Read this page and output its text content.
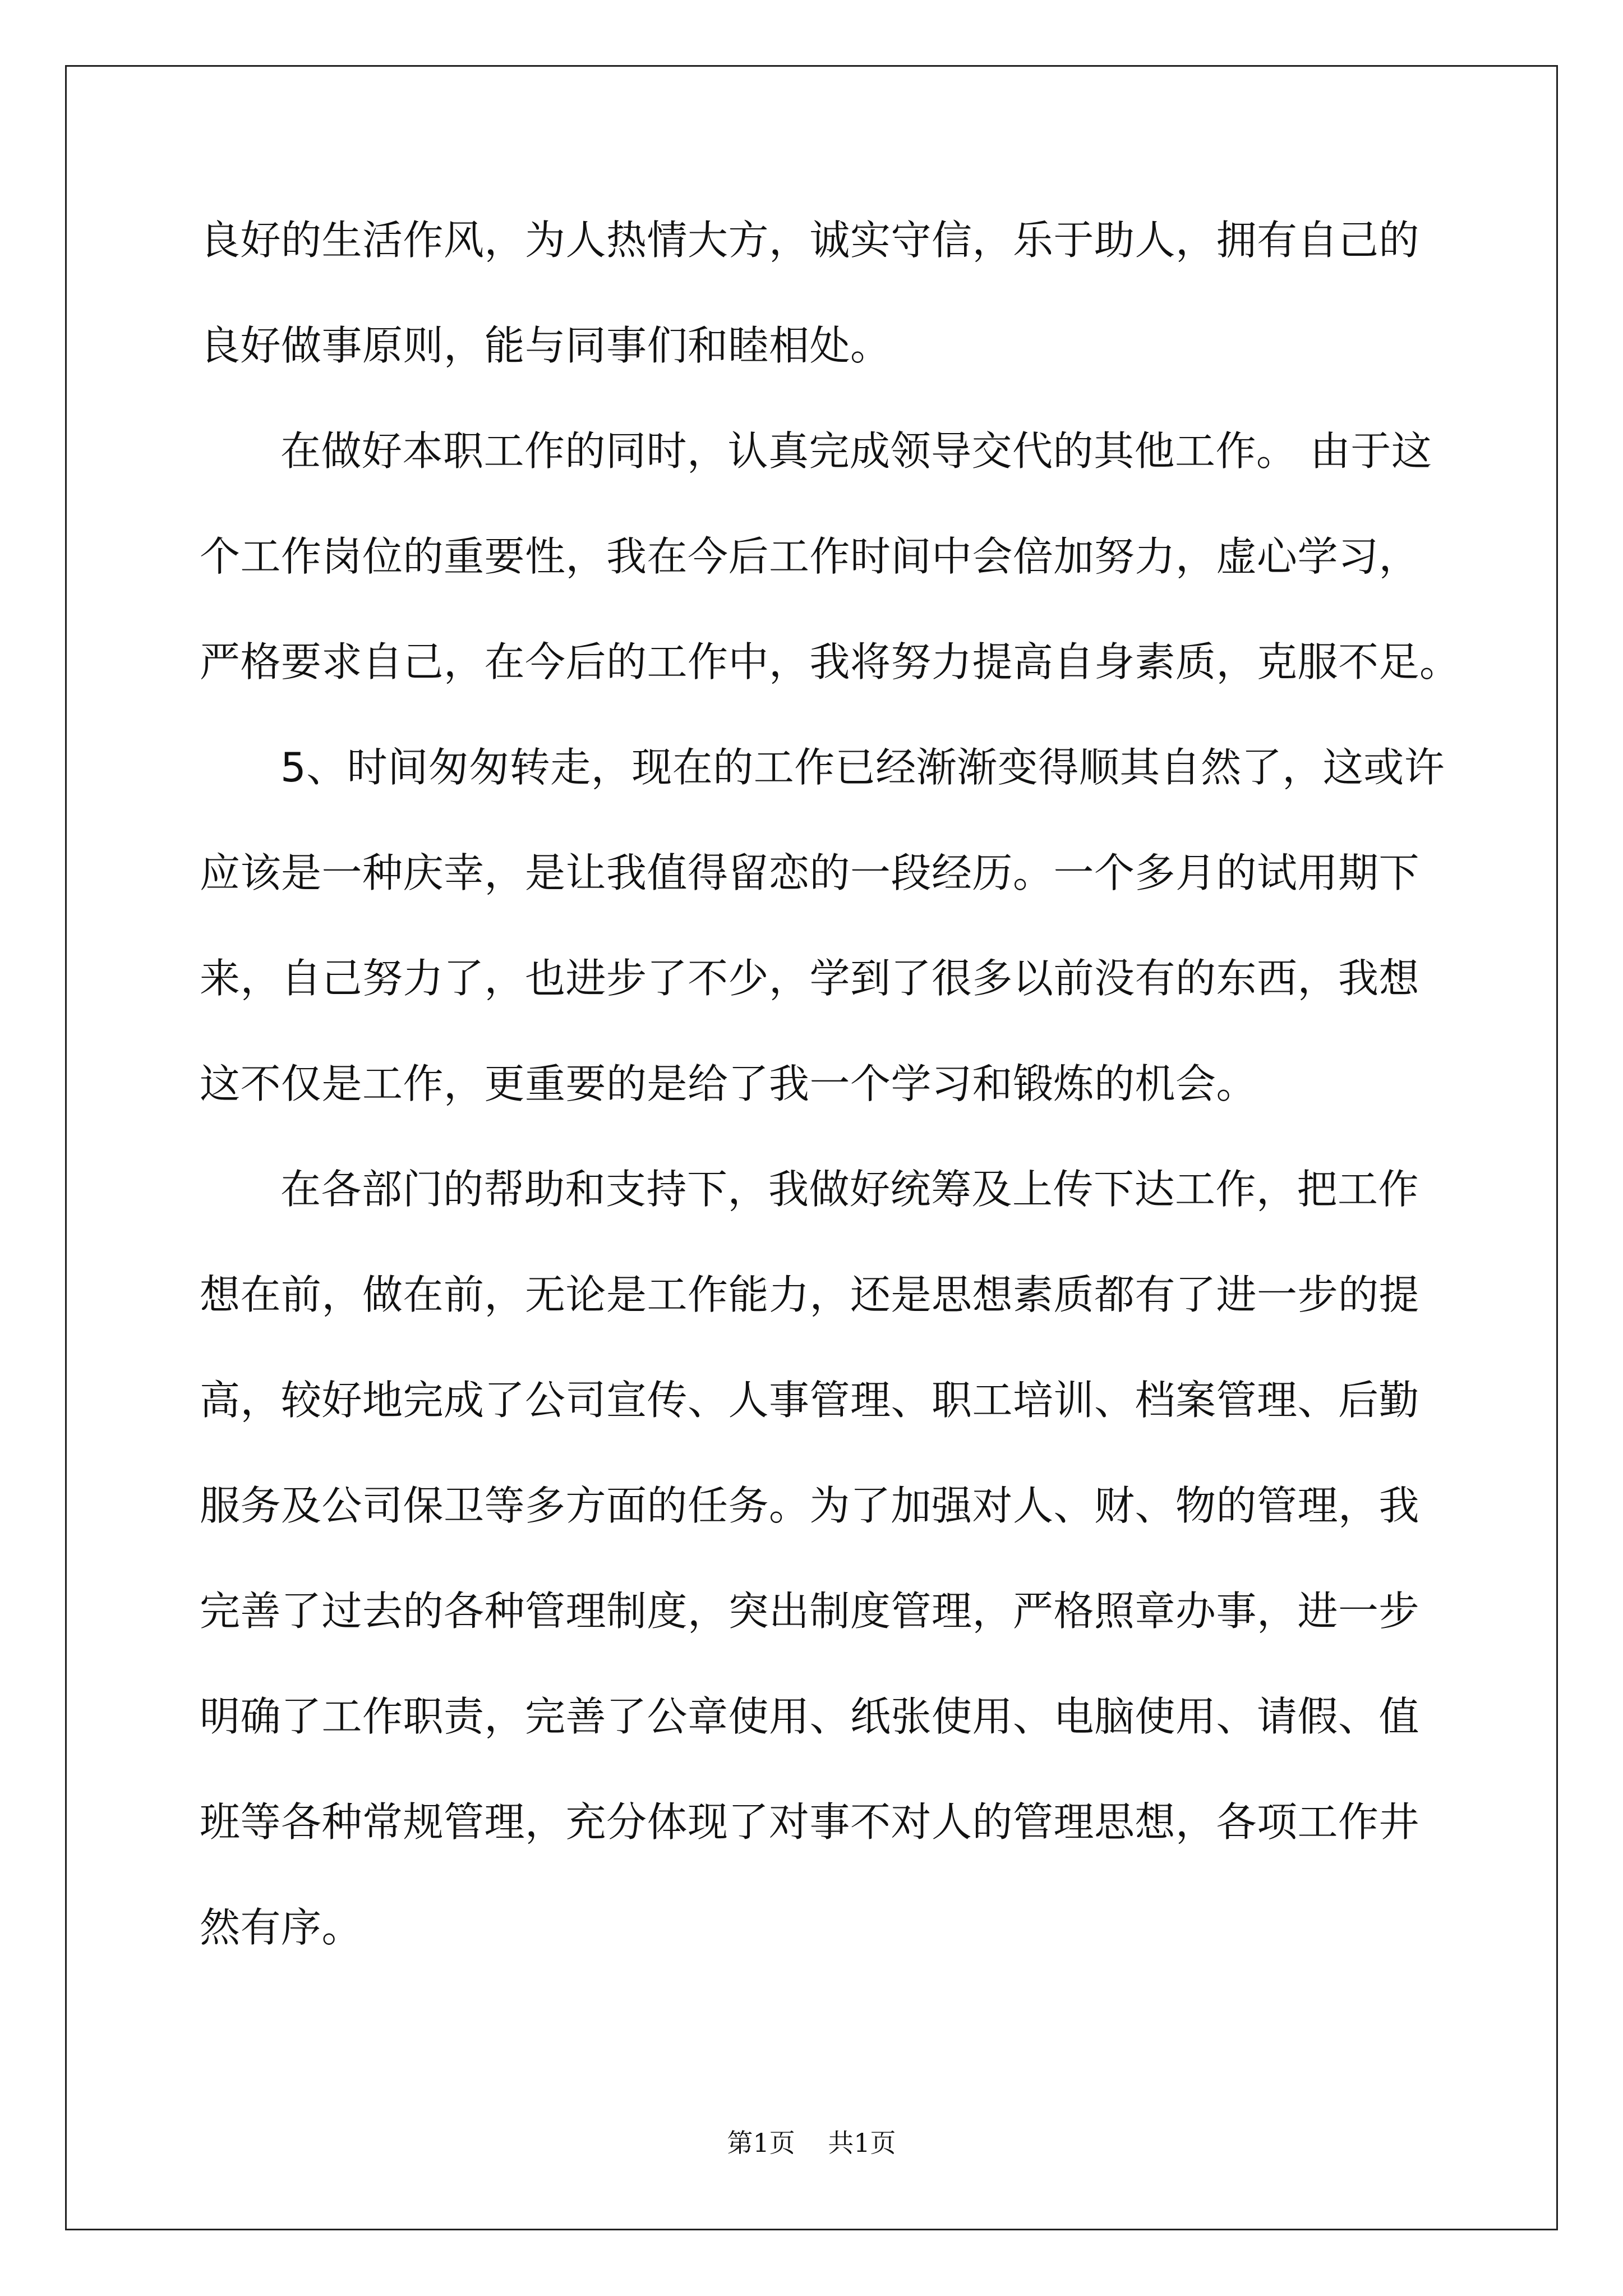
良好的生活作风，为人热情大方，诚实守信，乐于助人，拥有自己的
良好做事原则，能与同事们和睦相处。
在做好本职工作的同时，认真完成领导交代的其他工作。 由于这
个工作岗位的重要性，我在今后工作时间中会倍加努力，虚心学习，
严格要求自己，在今后的工作中，我将努力提高自身素质，克服不足。
5、时间匆匆转走，现在的工作已经渐渐变得顺其自然了，这或许
应该是一种庆幸，是让我值得留恋的一段经历。一个多月的试用期下
来，自己努力了，也进步了不少，学到了很多以前没有的东西，我想
这不仅是工作，更重要的是给了我一个学习和锻炼的机会。
在各部门的帮助和支持下，我做好统筹及上传下达工作，把工作
想在前，做在前，无论是工作能力，还是思想素质都有了进一步的提
高，较好地完成了公司宣传、人事管理、职工培训、档案管理、后勤
服务及公司保卫等多方面的任务。为了加强对人、财、物的管理，我
完善了过去的各种管理制度，突出制度管理，严格照章办事，进一步
明确了工作职责，完善了公章使用、纸张使用、电脑使用、请假、值
班等各种常规管理，充分体现了对事不对人的管理思想，各项工作井
然有序。
第1页 共1页
